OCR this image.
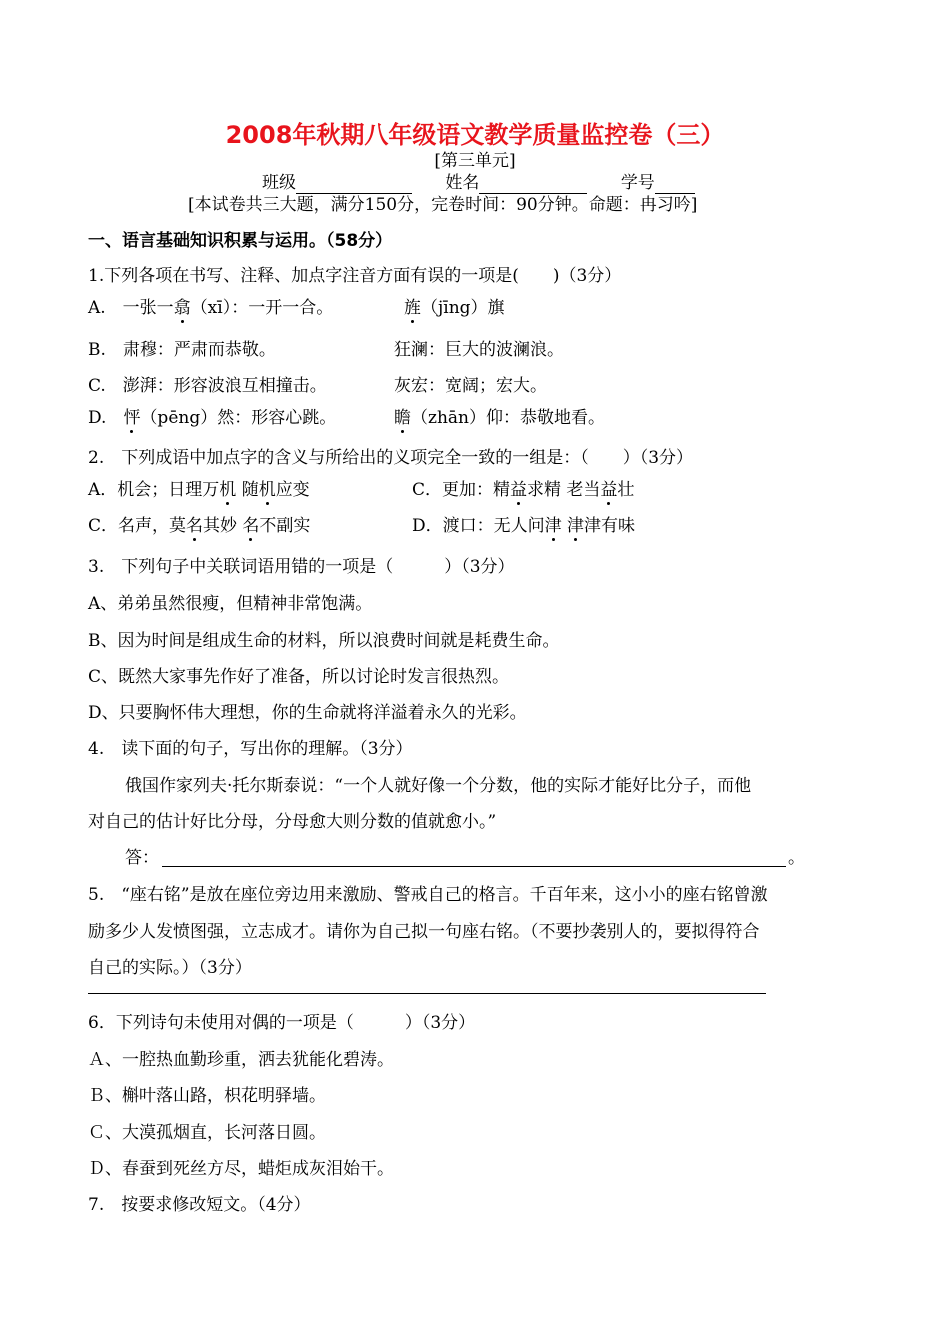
2008年秋期八年级语文教学质量监控卷（三）
[第三单元]
班级	姓名	学号
[本试卷共三大题，满分150分，完卷时间：90分钟。命题：冉习吟]
一、语言基础知识积累与运用。（58分）
1.下列各项在书写、注释、加点字注音方面有误的一项是(　　)（3分）
A.　一张一翕（xī）：一开一合。	旌（jīng）旗
B.　肃穆：严肃而恭敬。	狂澜：巨大的波澜浪。
C.　澎湃：形容波浪互相撞击。	灰宏：宽阔；宏大。
D.　怦（pēng）然：形容心跳。	瞻（zhān）仰：恭敬地看。
2.　下列成语中加点字的含义与所给出的义项完全一致的一组是：（　　）（3分）
A．机会；日理万机 随机应变	C．更加：精益求精 老当益壮
C．名声，莫名其妙 名不副实	D．渡口：无人问津 津津有味
3.　下列句子中关联词语用错的一项是（　　　）（3分）
A、弟弟虽然很瘦，但精神非常饱满。
B、因为时间是组成生命的材料，所以浪费时间就是耗费生命。
C、既然大家事先作好了准备，所以讨论时发言很热烈。
D、只要胸怀伟大理想，你的生命就将洋溢着永久的光彩。
4.　读下面的句子，写出你的理解。（3分）
俄国作家列夫·托尔斯泰说：“一个人就好像一个分数，他的实际才能好比分子，而他
对自己的估计好比分母，分母愈大则分数的值就愈小。”
答：	。
5.　“座右铭”是放在座位旁边用来激励、警戒自己的格言。千百年来，这小小的座右铭曾激
励多少人发愤图强，立志成才。请你为自己拟一句座右铭。（不要抄袭别人的，要拟得符合
自己的实际。）（3分）
6．下列诗句未使用对偶的一项是（　　　）（3分）
Ａ、一腔热血勤珍重，洒去犹能化碧涛。
Ｂ、槲叶落山路，枳花明驿墙。
Ｃ、大漠孤烟直，长河落日圆。
Ｄ、春蚕到死丝方尽，蜡炬成灰泪始干。
7.　按要求修改短文。（4分）
